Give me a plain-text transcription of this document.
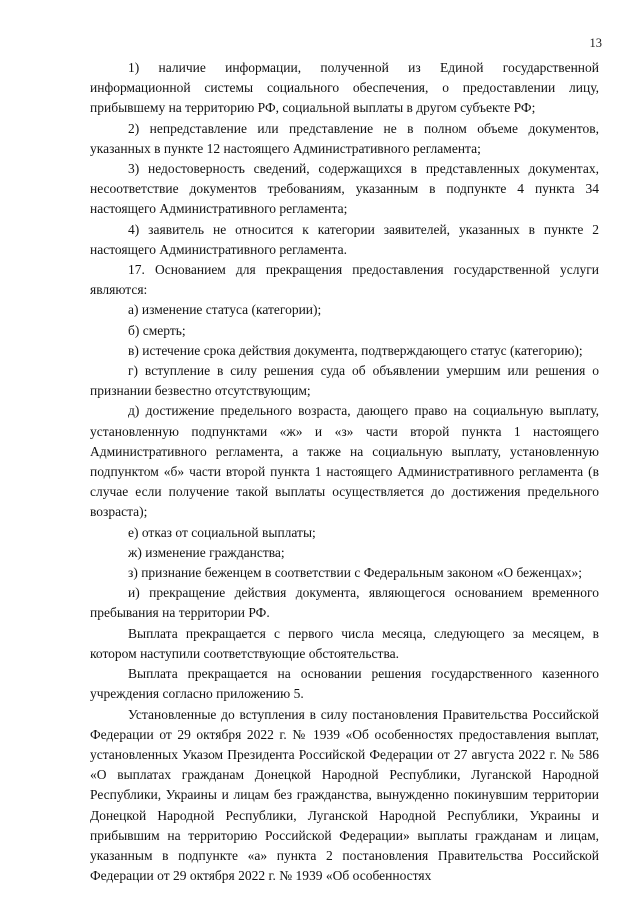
13

1) наличие информации, полученной из Единой государственной информационной системы социального обеспечения, о предоставлении лицу, прибывшему на территорию РФ, социальной выплаты в другом субъекте РФ;

2) непредставление или представление не в полном объеме документов, указанных в пункте 12 настоящего Административного регламента;

3) недостоверность сведений, содержащихся в представленных документах, несоответствие документов требованиям, указанным в подпункте 4 пункта 34 настоящего Административного регламента;

4) заявитель не относится к категории заявителей, указанных в пункте 2 настоящего Административного регламента.

17. Основанием для прекращения предоставления государственной услуги являются:

а) изменение статуса (категории);

б) смерть;

в) истечение срока действия документа, подтверждающего статус (категорию);

г) вступление в силу решения суда об объявлении умершим или решения о признании безвестно отсутствующим;

д) достижение предельного возраста, дающего право на социальную выплату, установленную подпунктами «ж» и «з» части второй пункта 1 настоящего Административного регламента, а также на социальную выплату, установленную подпунктом «б» части второй пункта 1 настоящего Административного регламента (в случае если получение такой выплаты осуществляется до достижения предельного возраста);

е) отказ от социальной выплаты;

ж) изменение гражданства;

з) признание беженцем в соответствии с Федеральным законом «О беженцах»;

и) прекращение действия документа, являющегося основанием временного пребывания на территории РФ.

Выплата прекращается с первого числа месяца, следующего за месяцем, в котором наступили соответствующие обстоятельства.

Выплата прекращается на основании решения государственного казенного учреждения согласно приложению 5.

Установленные до вступления в силу постановления Правительства Российской Федерации от 29 октября 2022 г. № 1939 «Об особенностях предоставления выплат, установленных Указом Президента Российской Федерации от 27 августа 2022 г. № 586 «О выплатах гражданам Донецкой Народной Республики, Луганской Народной Республики, Украины и лицам без гражданства, вынужденно покинувшим территории Донецкой Народной Республики, Луганской Народной Республики, Украины и прибывшим на территорию Российской Федерации» выплаты гражданам и лицам, указанным в подпункте «а» пункта 2 постановления Правительства Российской Федерации от 29 октября 2022 г. № 1939 «Об особенностях
